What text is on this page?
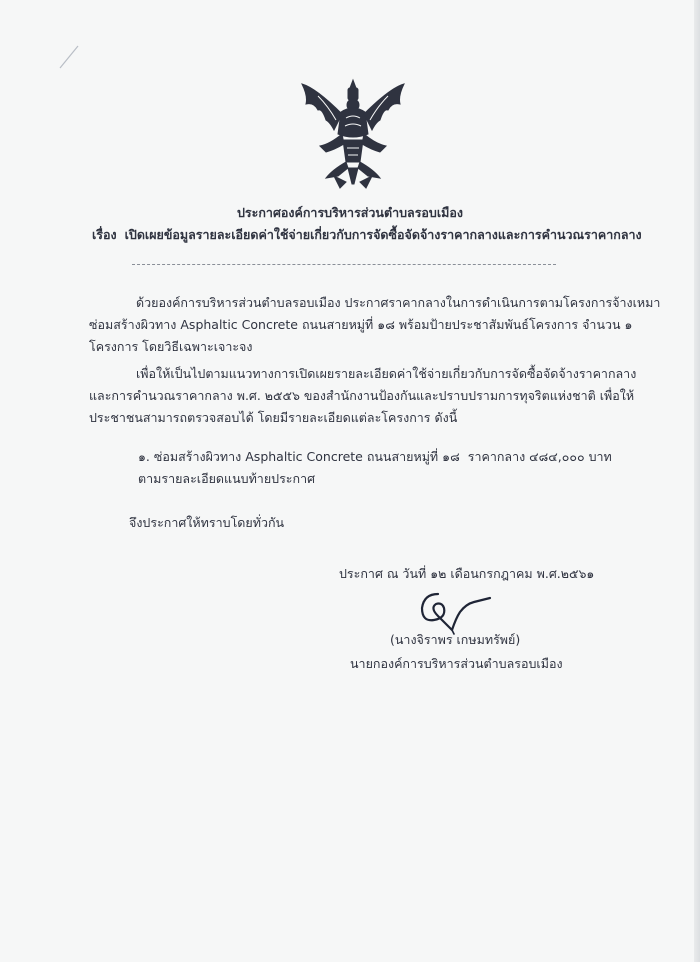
ประกาศองค์การบริหารส่วนตำบลรอบเมือง
เรื่อง เปิดเผยข้อมูลรายละเอียดค่าใช้จ่ายเกี่ยวกับการจัดซื้อจัดจ้างราคากลางและการคำนวณราคากลาง
ด้วยองค์การบริหารส่วนตำบลรอบเมือง ประกาศราคากลางในการดำเนินการตามโครงการจ้างเหมา
ซ่อมสร้างผิวทาง Asphaltic Concrete ถนนสายหมู่ที่ ๑๘ พร้อมป้ายประชาสัมพันธ์โครงการ จำนวน ๑
โครงการ โดยวิธีเฉพาะเจาะจง
เพื่อให้เป็นไปตามแนวทางการเปิดเผยรายละเอียดค่าใช้จ่ายเกี่ยวกับการจัดซื้อจัดจ้างราคากลาง
และการคำนวณราคากลาง พ.ศ. ๒๕๕๖ ของสำนักงานป้องกันและปราบปรามการทุจริตแห่งชาติ เพื่อให้
ประชาชนสามารถตรวจสอบได้ โดยมีรายละเอียดแต่ละโครงการ ดังนี้
๑. ซ่อมสร้างผิวทาง Asphaltic Concrete ถนนสายหมู่ที่ ๑๘ ราคากลาง ๔๘๔,๐๐๐ บาท
ตามรายละเอียดแนบท้ายประกาศ
จึงประกาศให้ทราบโดยทั่วกัน
ประกาศ ณ วันที่ ๑๒ เดือนกรกฎาคม พ.ศ.๒๕๖๑
(นางจิราพร เกษมทรัพย์)
นายกองค์การบริหารส่วนตำบลรอบเมือง
